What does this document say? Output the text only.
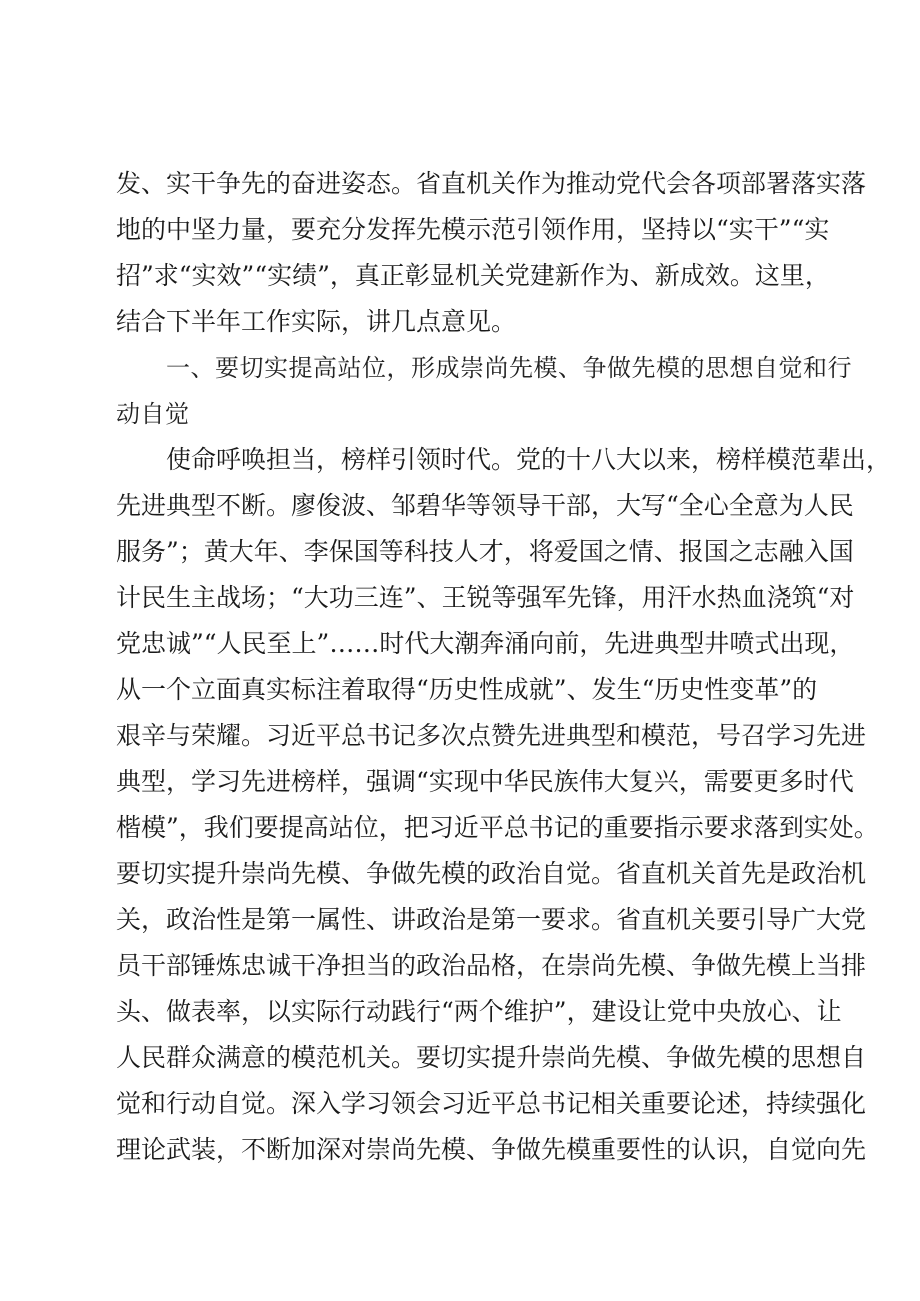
发、实干争先的奋进姿态。省直机关作为推动党代会各项部署落实落
地的中坚力量，要充分发挥先模示范引领作用，坚持以“实干”“实
招”求“实效”“实绩”，真正彰显机关党建新作为、新成效。这里，
结合下半年工作实际，讲几点意见。
一、要切实提高站位，形成崇尚先模、争做先模的思想自觉和行
动自觉
使命呼唤担当，榜样引领时代。党的十八大以来，榜样模范辈出，
先进典型不断。廖俊波、邹碧华等领导干部，大写“全心全意为人民
服务”；黄大年、李保国等科技人才，将爱国之情、报国之志融入国
计民生主战场；“大功三连”、王锐等强军先锋，用汗水热血浇筑“对
党忠诚”“人民至上”……时代大潮奔涌向前，先进典型井喷式出现，
从一个立面真实标注着取得“历史性成就”、发生“历史性变革”的
艰辛与荣耀。习近平总书记多次点赞先进典型和模范，号召学习先进
典型，学习先进榜样，强调“实现中华民族伟大复兴，需要更多时代
楷模”，我们要提高站位，把习近平总书记的重要指示要求落到实处。
要切实提升崇尚先模、争做先模的政治自觉。省直机关首先是政治机
关，政治性是第一属性、讲政治是第一要求。省直机关要引导广大党
员干部锤炼忠诚干净担当的政治品格，在崇尚先模、争做先模上当排
头、做表率，以实际行动践行“两个维护”，建设让党中央放心、让
人民群众满意的模范机关。要切实提升崇尚先模、争做先模的思想自
觉和行动自觉。深入学习领会习近平总书记相关重要论述，持续强化
理论武装，不断加深对崇尚先模、争做先模重要性的认识，自觉向先
